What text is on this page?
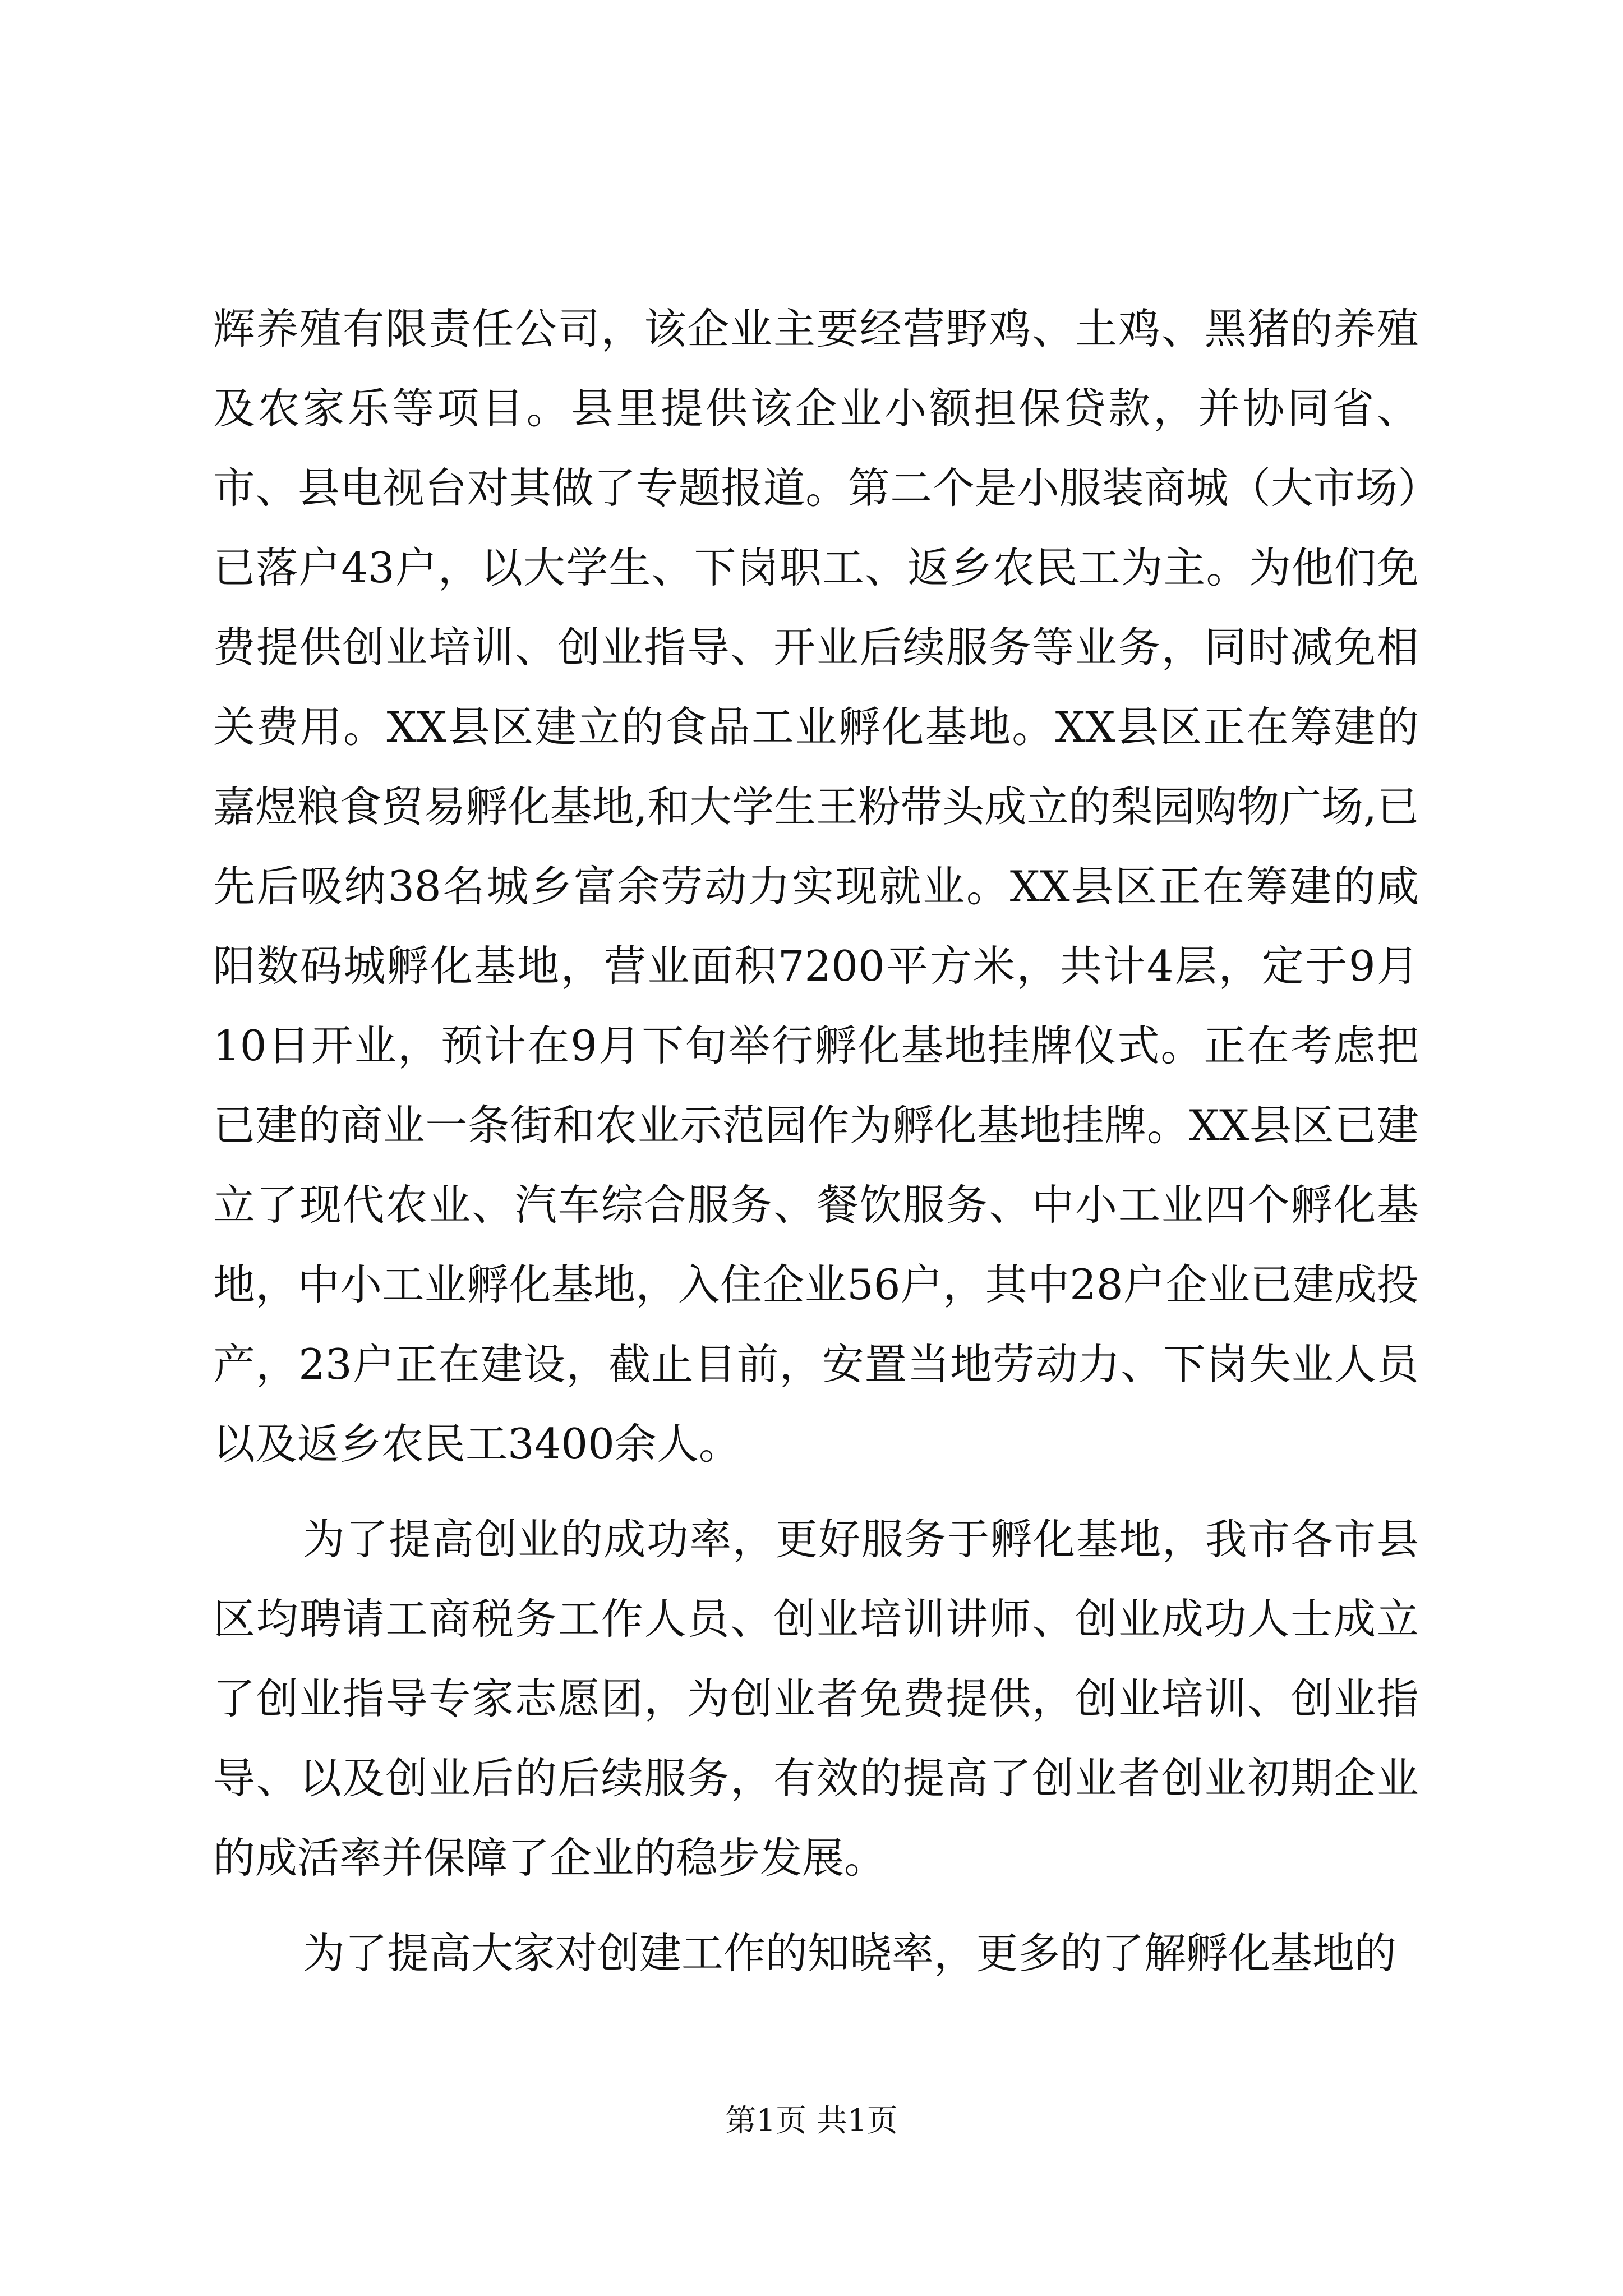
辉养殖有限责任公司，该企业主要经营野鸡、土鸡、黑猪的养殖及农家乐等项目。县里提供该企业小额担保贷款，并协同省、市、县电视台对其做了专题报道。第二个是小服装商城（大市场）已落户43户，以大学生、下岗职工、返乡农民工为主。为他们免费提供创业培训、创业指导、开业后续服务等业务，同时减免相关费用。XX县区建立的食品工业孵化基地。XX县区正在筹建的嘉煜粮食贸易孵化基地,和大学生王粉带头成立的梨园购物广场,已先后吸纳38名城乡富余劳动力实现就业。XX县区正在筹建的咸阳数码城孵化基地，营业面积7200平方米，共计4层，定于9月10日开业，预计在9月下旬举行孵化基地挂牌仪式。正在考虑把已建的商业一条街和农业示范园作为孵化基地挂牌。XX县区已建立了现代农业、汽车综合服务、餐饮服务、中小工业四个孵化基地，中小工业孵化基地，入住企业56户，其中28户企业已建成投产，23户正在建设，截止目前，安置当地劳动力、下岗失业人员以及返乡农民工3400余人。

为了提高创业的成功率，更好服务于孵化基地，我市各市县区均聘请工商税务工作人员、创业培训讲师、创业成功人士成立了创业指导专家志愿团，为创业者免费提供，创业培训、创业指导、以及创业后的后续服务，有效的提高了创业者创业初期企业的成活率并保障了企业的稳步发展。

为了提高大家对创建工作的知晓率，更多的了解孵化基地的

第1页 共1页
